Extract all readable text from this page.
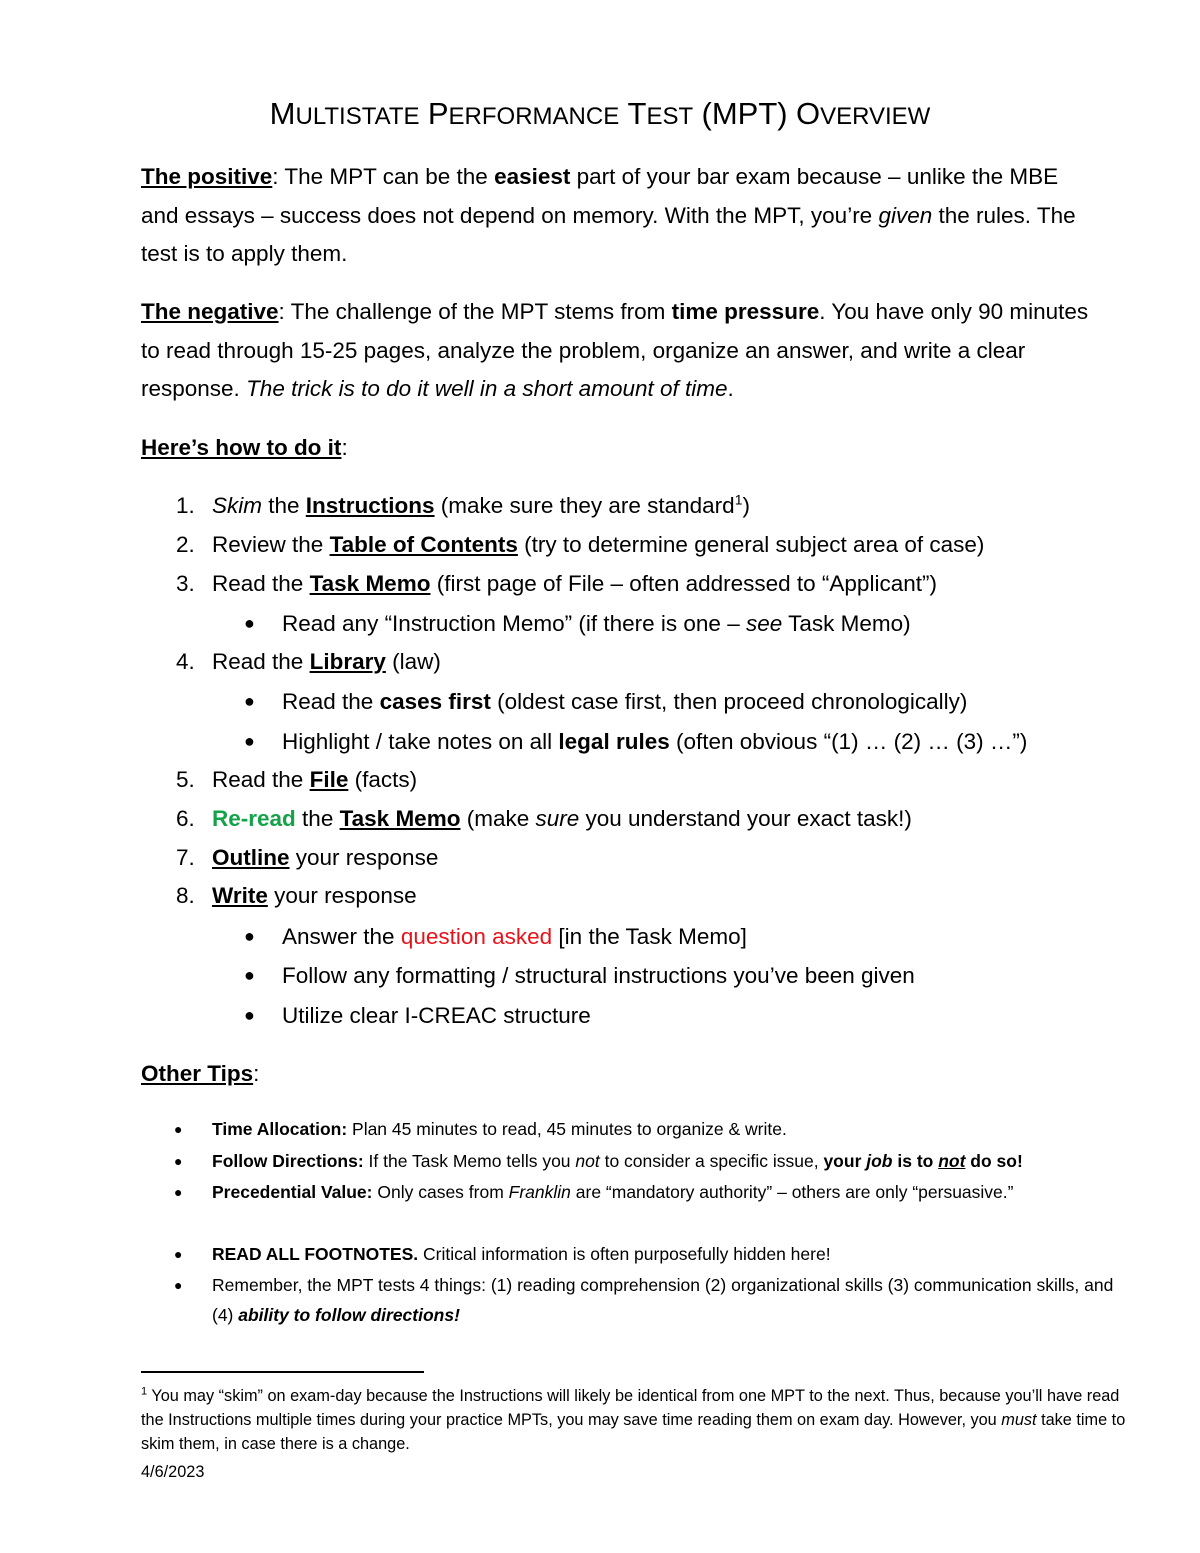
MULTISTATE PERFORMANCE TEST (MPT) OVERVIEW
The positive: The MPT can be the easiest part of your bar exam because – unlike the MBE and essays – success does not depend on memory. With the MPT, you’re given the rules. The test is to apply them.
The negative: The challenge of the MPT stems from time pressure. You have only 90 minutes to read through 15-25 pages, analyze the problem, organize an answer, and write a clear response. The trick is to do it well in a short amount of time.
Here’s how to do it:
1. Skim the Instructions (make sure they are standard$^1$)
2. Review the Table of Contents (try to determine general subject area of case)
3. Read the Task Memo (first page of File – often addressed to “Applicant”)
● Read any “Instruction Memo” (if there is one – see Task Memo)
4. Read the Library (law)
● Read the cases first (oldest case first, then proceed chronologically)
● Highlight / take notes on all legal rules (often obvious “(1) … (2) … (3) …”)
5. Read the File (facts)
6. Re-read the Task Memo (make sure you understand your exact task!)
7. Outline your response
8. Write your response
● Answer the question asked [in the Task Memo]
● Follow any formatting / structural instructions you’ve been given
● Utilize clear I-CREAC structure
Other Tips:
● Time Allocation: Plan 45 minutes to read, 45 minutes to organize & write.
● Follow Directions: If the Task Memo tells you not to consider a specific issue, your job is to not do so!
● Precedential Value: Only cases from Franklin are “mandatory authority” – others are only “persuasive.”
● READ ALL FOOTNOTES. Critical information is often purposefully hidden here!
● Remember, the MPT tests 4 things: (1) reading comprehension (2) organizational skills (3) communication skills, and (4) ability to follow directions!
$^1$ You may “skim” on exam-day because the Instructions will likely be identical from one MPT to the next. Thus, because you’ll have read the Instructions multiple times during your practice MPTs, you may save time reading them on exam day. However, you must take time to skim them, in case there is a change.
4/6/2023
